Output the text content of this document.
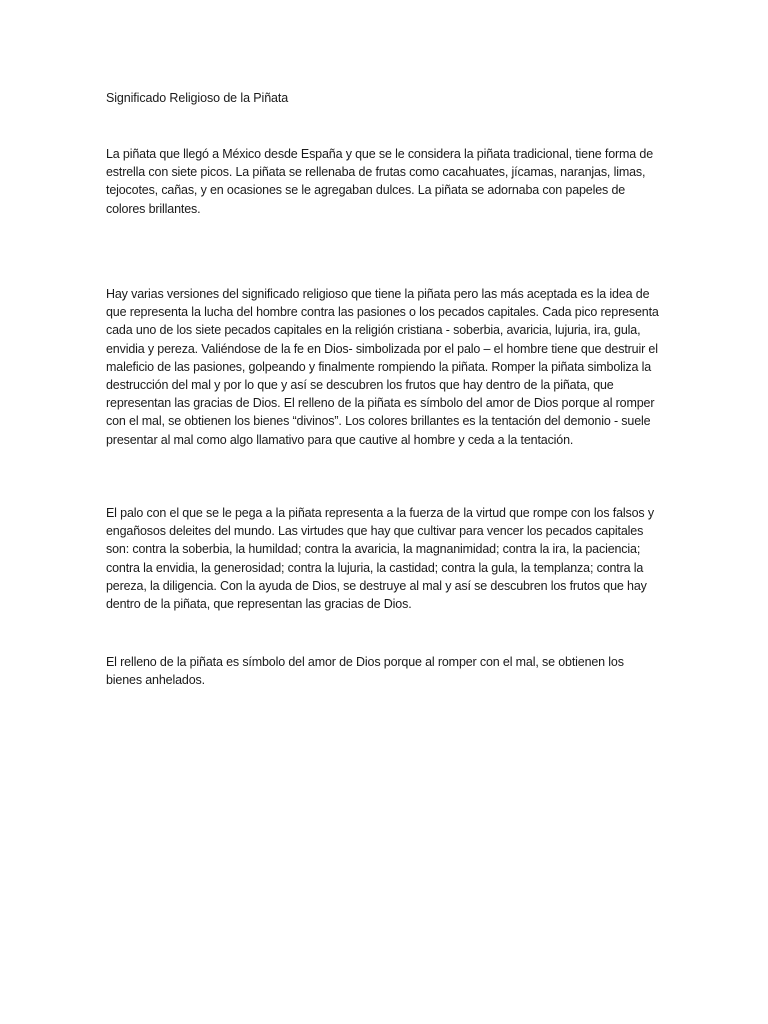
Significado Religioso de la Piñata

La piñata que llegó a México desde España y que se le considera la piñata tradicional, tiene forma de estrella con siete picos. La piñata se rellenaba de frutas como cacahuates, jícamas, naranjas, limas, tejocotes, cañas, y en ocasiones se le agregaban dulces. La piñata se adornaba con papeles de colores brillantes.

Hay varias versiones del significado religioso que tiene la piñata pero las más aceptada es la idea de que representa la lucha del hombre contra las pasiones o los pecados capitales. Cada pico representa cada uno de los siete pecados capitales en la religión cristiana - soberbia, avaricia, lujuria, ira, gula, envidia y pereza. Valiéndose de la fe en Dios- simbolizada por el palo – el hombre tiene que destruir el maleficio de las pasiones, golpeando y finalmente rompiendo la piñata. Romper la piñata simboliza la destrucción del mal y por lo que y así se descubren los frutos que hay dentro de la piñata, que representan las gracias de Dios. El relleno de la piñata es símbolo del amor de Dios porque al romper con el mal, se obtienen los bienes “divinos”. Los colores brillantes es la tentación del demonio - suele presentar al mal como algo llamativo para que cautive al hombre y ceda a la tentación.

El palo con el que se le pega a la piñata representa a la fuerza de la virtud que rompe con los falsos y engañosos deleites del mundo. Las virtudes que hay que cultivar para vencer los pecados capitales son: contra la soberbia, la humildad; contra la avaricia, la magnanimidad; contra la ira, la paciencia; contra la envidia, la generosidad; contra la lujuria, la castidad; contra la gula, la templanza; contra la pereza, la diligencia. Con la ayuda de Dios, se destruye al mal y así se descubren los frutos que hay dentro de la piñata, que representan las gracias de Dios.

El relleno de la piñata es símbolo del amor de Dios porque al romper con el mal, se obtienen los bienes anhelados.
